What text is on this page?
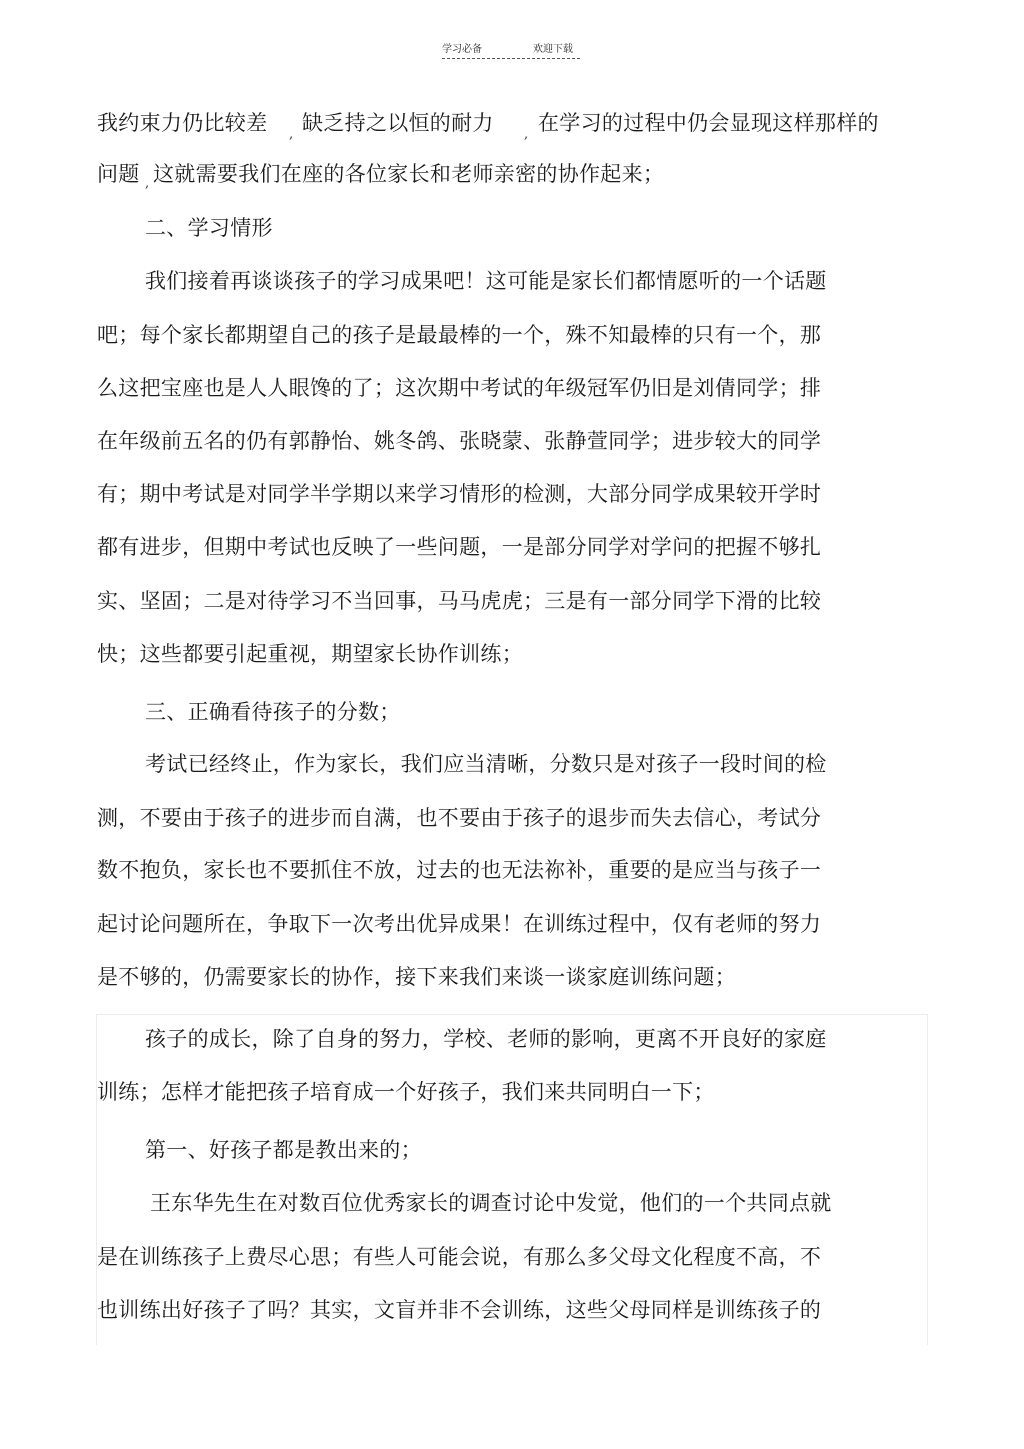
学习必备	欢迎下载
我约束力仍比较差 , 缺乏持之以恒的耐力 , 在学习的过程中仍会显现这样那样的
问题 , 这就需要我们在座的各位家长和老师亲密的协作起来；
二、学习情形
我们接着再谈谈孩子的学习成果吧！这可能是家长们都情愿听的一个话题
吧；每个家长都期望自己的孩子是最最棒的一个，殊不知最棒的只有一个，那
么这把宝座也是人人眼馋的了；这次期中考试的年级冠军仍旧是刘倩同学；排
在年级前五名的仍有郭静怡、姚冬鸽、张晓蒙、张静萱同学；进步较大的同学
有；期中考试是对同学半学期以来学习情形的检测，大部分同学成果较开学时
都有进步，但期中考试也反映了一些问题，一是部分同学对学问的把握不够扎
实、坚固；二是对待学习不当回事，马马虎虎；三是有一部分同学下滑的比较
快；这些都要引起重视，期望家长协作训练；
三、正确看待孩子的分数；
考试已经终止，作为家长，我们应当清晰，分数只是对孩子一段时间的检
测，不要由于孩子的进步而自满，也不要由于孩子的退步而失去信心，考试分
数不抱负，家长也不要抓住不放，过去的也无法祢补，重要的是应当与孩子一
起讨论问题所在，争取下一次考出优异成果！在训练过程中，仅有老师的努力
是不够的，仍需要家长的协作，接下来我们来谈一谈家庭训练问题；
孩子的成长，除了自身的努力，学校、老师的影响，更离不开良好的家庭
训练；怎样才能把孩子培育成一个好孩子，我们来共同明白一下；
第一、好孩子都是教出来的；
王东华先生在对数百位优秀家长的调查讨论中发觉，他们的一个共同点就
是在训练孩子上费尽心思；有些人可能会说，有那么多父母文化程度不高，不
也训练出好孩子了吗？其实，文盲并非不会训练，这些父母同样是训练孩子的
